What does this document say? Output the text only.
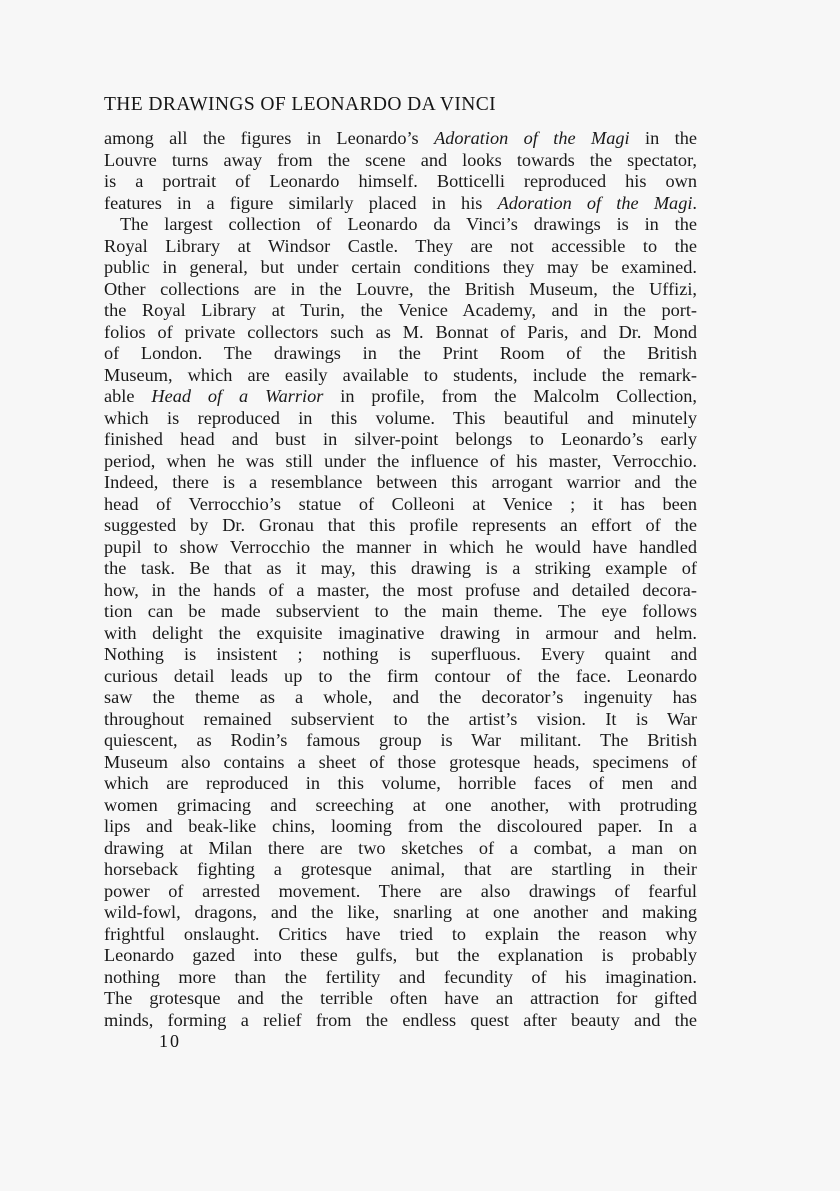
THE DRAWINGS OF LEONARDO DA VINCI
among all the figures in Leonardo’s Adoration of the Magi in the
Louvre turns away from the scene and looks towards the spectator,
is a portrait of Leonardo himself. Botticelli reproduced his own
features in a figure similarly placed in his Adoration of the Magi.
The largest collection of Leonardo da Vinci’s drawings is in the
Royal Library at Windsor Castle. They are not accessible to the
public in general, but under certain conditions they may be examined.
Other collections are in the Louvre, the British Museum, the Uffizi,
the Royal Library at Turin, the Venice Academy, and in the port-
folios of private collectors such as M. Bonnat of Paris, and Dr. Mond
of London. The drawings in the Print Room of the British
Museum, which are easily available to students, include the remark-
able Head of a Warrior in profile, from the Malcolm Collection,
which is reproduced in this volume. This beautiful and minutely
finished head and bust in silver-point belongs to Leonardo’s early
period, when he was still under the influence of his master, Verrocchio.
Indeed, there is a resemblance between this arrogant warrior and the
head of Verrocchio’s statue of Colleoni at Venice ; it has been
suggested by Dr. Gronau that this profile represents an effort of the
pupil to show Verrocchio the manner in which he would have handled
the task. Be that as it may, this drawing is a striking example of
how, in the hands of a master, the most profuse and detailed decora-
tion can be made subservient to the main theme. The eye follows
with delight the exquisite imaginative drawing in armour and helm.
Nothing is insistent ; nothing is superfluous. Every quaint and
curious detail leads up to the firm contour of the face. Leonardo
saw the theme as a whole, and the decorator’s ingenuity has
throughout remained subservient to the artist’s vision. It is War
quiescent, as Rodin’s famous group is War militant. The British
Museum also contains a sheet of those grotesque heads, specimens of
which are reproduced in this volume, horrible faces of men and
women grimacing and screeching at one another, with protruding
lips and beak-like chins, looming from the discoloured paper. In a
drawing at Milan there are two sketches of a combat, a man on
horseback fighting a grotesque animal, that are startling in their
power of arrested movement. There are also drawings of fearful
wild-fowl, dragons, and the like, snarling at one another and making
frightful onslaught. Critics have tried to explain the reason why
Leonardo gazed into these gulfs, but the explanation is probably
nothing more than the fertility and fecundity of his imagination.
The grotesque and the terrible often have an attraction for gifted
minds, forming a relief from the endless quest after beauty and the
10
